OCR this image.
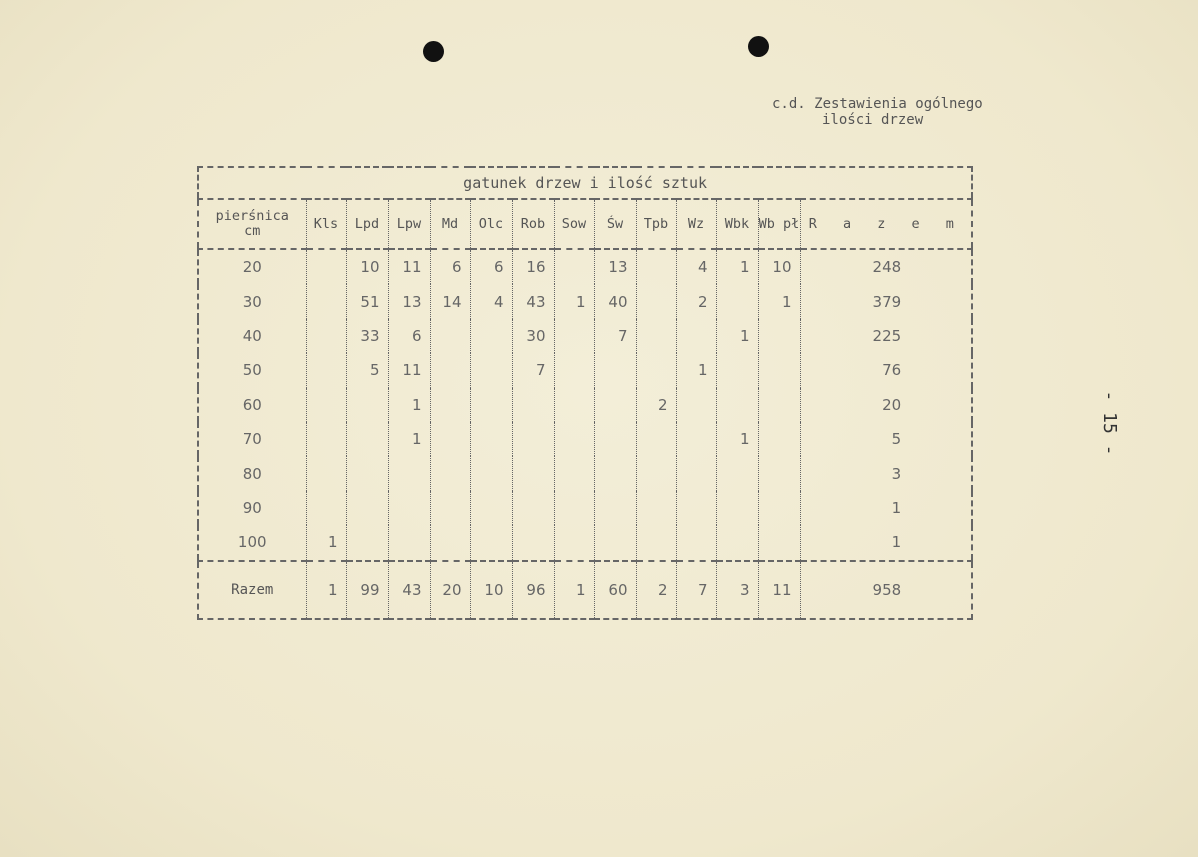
c.d. Zestawienia ogólnego
ilości drzew
- 15 -
gatunek drzew i ilość sztuk													
pierśnica
cm	Kls	Lpd	Lpw	Md	Olc	Rob	Sow	Św	Tpb	Wz	Wbk	Wb pł	R a z e m
20		10	11	6	6	16		13		4	1	10	248
30		51	13	14	4	43	1	40		2		1	379
40		33	6			30		7			1		225
50		5	11			7				1			76
60			1						2				20
70			1								1		5
80													3
90													1
100	1												1
Razem	1	99	43	20	10	96	1	60	2	7	3	11	958
